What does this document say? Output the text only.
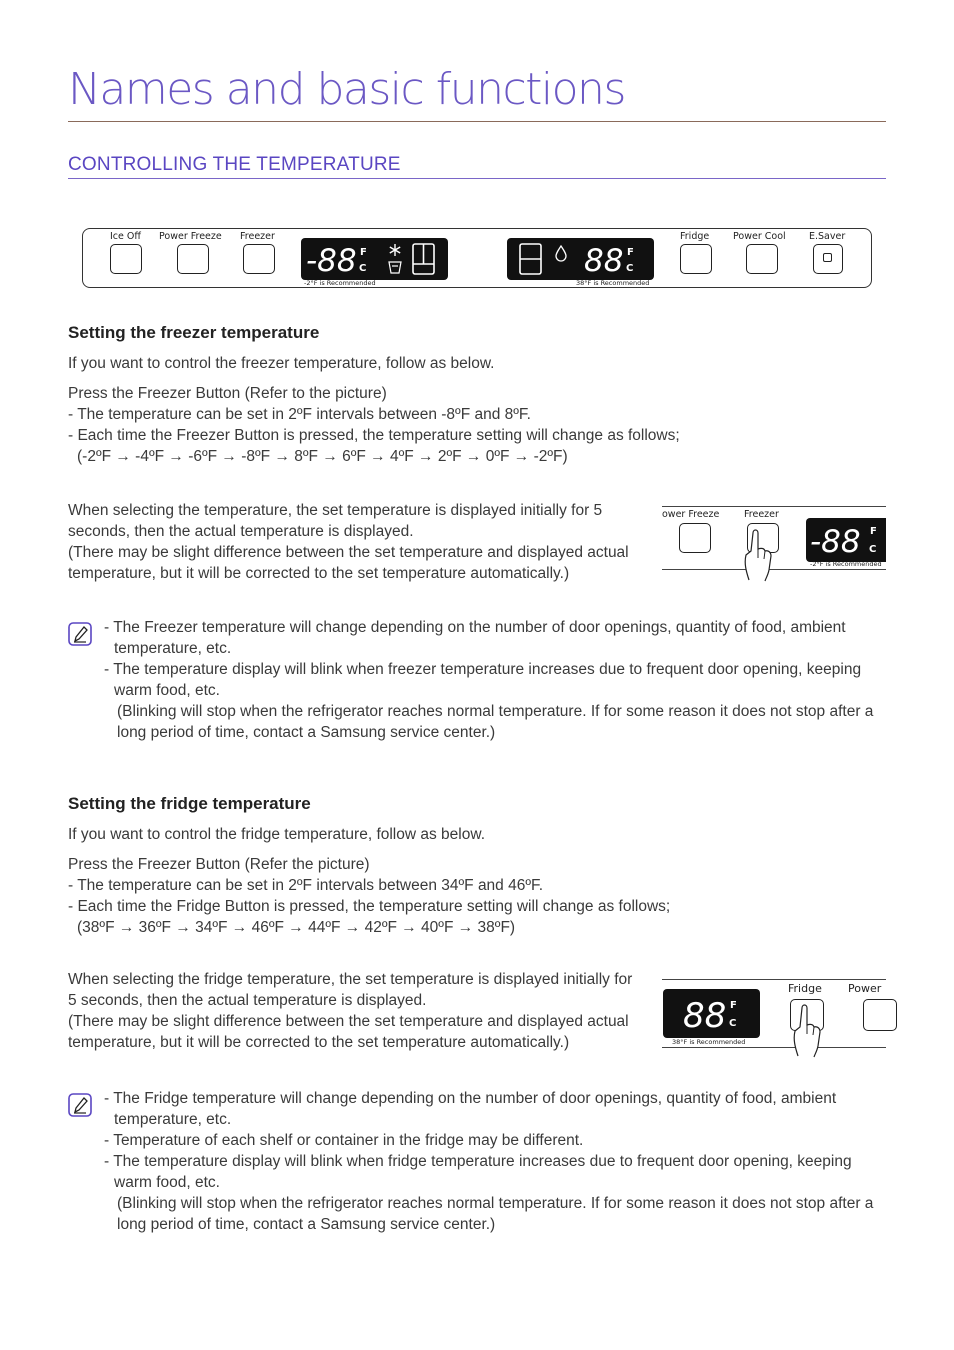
Names and basic functions
CONTROLLING THE TEMPERATURE
Ice Off Power Freeze Freezer
-88 F
C
-2°F is Recommended
88 F
C
38°F is Recommended
Fridge	Power Cool E.Saver
Setting the freezer temperature

If you want to control the freezer temperature, follow as below.

Press the Freezer Button (Refer to the picture)
- The temperature can be set in 2ºF intervals between -8ºF and 8ºF.
- Each time the Freezer Button is pressed, the temperature setting will change as follows;
(-2ºF → -4ºF → -6ºF → -8ºF → 8ºF → 6ºF → 4ºF → 2ºF → 0ºF → -2ºF)
When selecting the temperature, the set temperature is displayed initially for 5
seconds, then the actual temperature is displayed.
(There may be slight difference between the set temperature and displayed actual
temperature, but it will be corrected to the set temperature automatically.)
ower Freeze	Freezer
-88 F
C
-2°F is Recommended
- The Freezer temperature will change depending on the number of door openings, quantity of food, ambient temperature, etc.
- The temperature display will blink when freezer temperature increases due to frequent door opening, keeping warm food, etc.
(Blinking will stop when the refrigerator reaches normal temperature. If for some reason it does not stop after a long period of time, contact a Samsung service center.)
Setting the fridge temperature

If you want to control the fridge temperature, follow as below.

Press the Freezer Button (Refer the picture)
- The temperature can be set in 2ºF intervals between 34ºF and 46ºF.
- Each time the Fridge Button is pressed, the temperature setting will change as follows;
(38ºF → 36ºF → 34ºF → 46ºF → 44ºF → 42ºF → 40ºF → 38ºF)
When selecting the fridge temperature, the set temperature is displayed initially for
5 seconds, then the actual temperature is displayed.
(There may be slight difference between the set temperature and displayed actual
temperature, but it will be corrected to the set temperature automatically.)
88 F
C
38°F is Recommended
Fridge Power
- The Fridge temperature will change depending on the number of door openings, quantity of food, ambient temperature, etc.
- Temperature of each shelf or container in the fridge may be different.
- The temperature display will blink when fridge temperature increases due to frequent door opening, keeping warm food, etc.
(Blinking will stop when the refrigerator reaches normal temperature. If for some reason it does not stop after a long period of time, contact a Samsung service center.)
